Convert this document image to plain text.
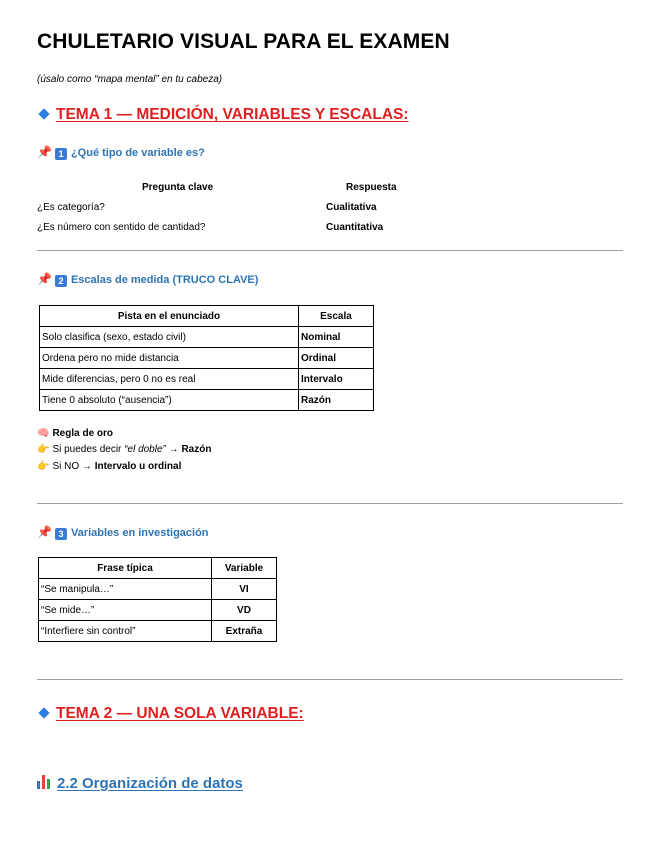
CHULETARIO VISUAL PARA EL EXAMEN
(úsalo como “mapa mental” en tu cabeza)
TEMA 1 — MEDICIÓN, VARIABLES Y ESCALAS:
📌 1 ¿Qué tipo de variable es?
Pregunta clave	Respuesta
¿Es categoría?	Cualitativa
¿Es número con sentido de cantidad?	Cuantitativa
📌 2 Escalas de medida (TRUCO CLAVE)
Pista en el enunciado	Escala
Solo clasifica (sexo, estado civil)	Nominal
Ordena pero no mide distancia	Ordinal
Mide diferencias, pero 0 no es real	Intervalo
Tiene 0 absoluto (“ausencia”)	Razón
🧠 Regla de oro
👉 Si puedes decir “el doble” → Razón
👉 Si NO → Intervalo u ordinal
📌 3 Variables en investigación
Frase típica	Variable
“Se manipula…”	VI
“Se mide…”	VD
“Interfiere sin control”	Extraña
TEMA 2 — UNA SOLA VARIABLE:
2.2 Organización de datos
